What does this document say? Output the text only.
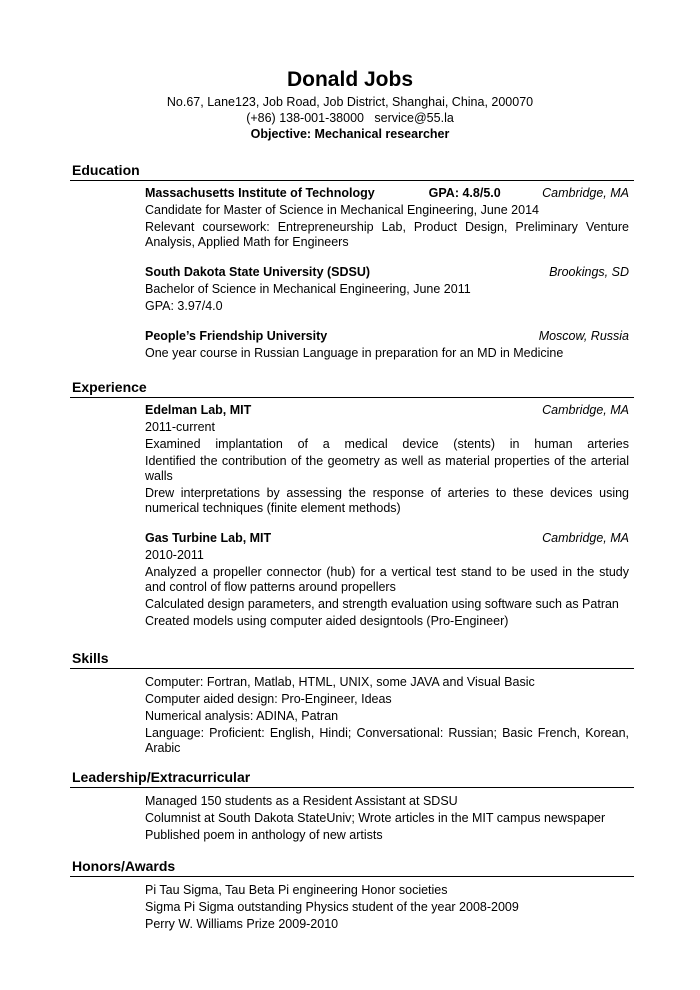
Donald Jobs
No.67, Lane123, Job Road, Job District, Shanghai, China, 200070
(+86) 138-001-38000   service@55.la
Objective: Mechanical researcher
Education
Massachusetts Institute of Technology	GPA: 4.8/5.0	Cambridge, MA
Candidate for Master of Science in Mechanical Engineering, June 2014
Relevant coursework: Entrepreneurship Lab, Product Design, Preliminary Venture Analysis, Applied Math for Engineers
South Dakota State University (SDSU)	Brookings, SD
Bachelor of Science in Mechanical Engineering, June 2011
GPA: 3.97/4.0
People’s Friendship University	Moscow, Russia
One year course in Russian Language in preparation for an MD in Medicine
Experience
Edelman Lab, MIT	Cambridge, MA
2011-current
Examined implantation of a medical device (stents) in human arteries
Identified the contribution of the geometry as well as material properties of the arterial walls
Drew interpretations by assessing the response of arteries to these devices using numerical techniques (finite element methods)
Gas Turbine Lab, MIT	Cambridge, MA
2010-2011
Analyzed a propeller connector (hub) for a vertical test stand to be used in the study and control of flow patterns around propellers
Calculated design parameters, and strength evaluation using software such as Patran
Created models using computer aided designtools (Pro-Engineer)
Skills
Computer: Fortran, Matlab, HTML, UNIX, some JAVA and Visual Basic
Computer aided design: Pro-Engineer, Ideas
Numerical analysis: ADINA, Patran
Language: Proficient: English, Hindi; Conversational: Russian; Basic French, Korean, Arabic
Leadership/Extracurricular
Managed 150 students as a Resident Assistant at SDSU
Columnist at South Dakota StateUniv; Wrote articles in the MIT campus newspaper
Published poem in anthology of new artists
Honors/Awards
Pi Tau Sigma, Tau Beta Pi engineering Honor societies
Sigma Pi Sigma outstanding Physics student of the year 2008-2009
Perry W. Williams Prize 2009-2010
